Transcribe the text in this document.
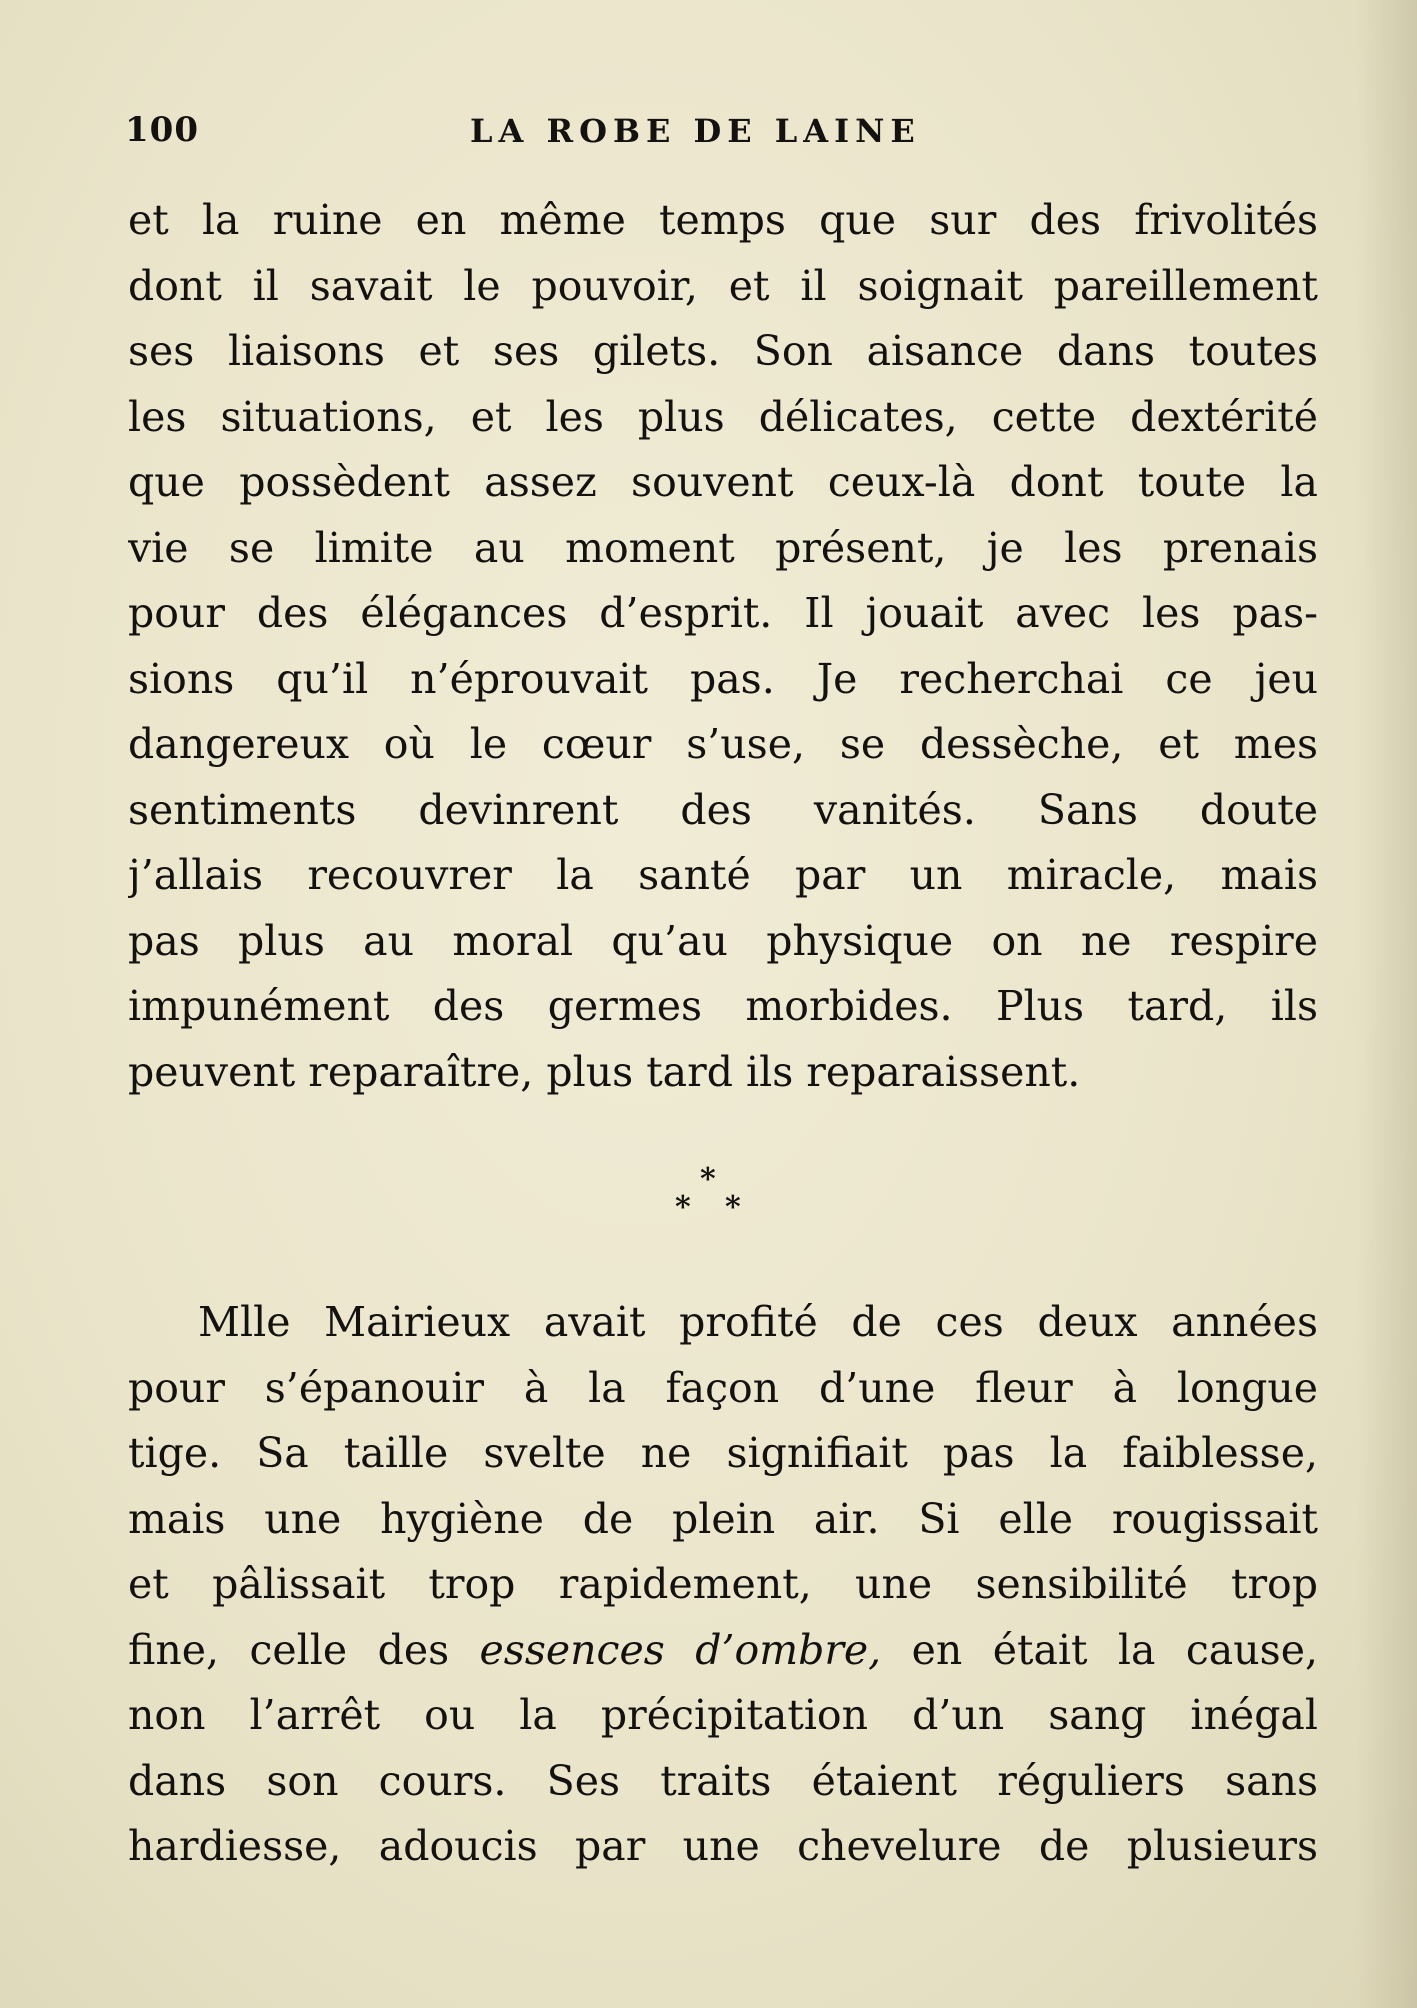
100	LA ROBE DE LAINE
et la ruine en même temps que sur des frivolités
dont il savait le pouvoir, et il soignait pareillement
ses liaisons et ses gilets. Son aisance dans toutes
les situations, et les plus délicates, cette dextérité
que possèdent assez souvent ceux-là dont toute la
vie se limite au moment présent, je les prenais
pour des élégances d’esprit. Il jouait avec les pas-
sions qu’il n’éprouvait pas. Je recherchai ce jeu
dangereux où le cœur s’use, se dessèche, et mes
sentiments devinrent des vanités. Sans doute
j’allais recouvrer la santé par un miracle, mais
pas plus au moral qu’au physique on ne respire
impunément des germes morbides. Plus tard, ils
peuvent reparaître, plus tard ils reparaissent.
*
* *
Mlle Mairieux avait profité de ces deux années
pour s’épanouir à la façon d’une fleur à longue
tige. Sa taille svelte ne signifiait pas la faiblesse,
mais une hygiène de plein air. Si elle rougissait
et pâlissait trop rapidement, une sensibilité trop
fine, celle des essences d’ombre, en était la cause,
non l’arrêt ou la précipitation d’un sang inégal
dans son cours. Ses traits étaient réguliers sans
hardiesse, adoucis par une chevelure de plusieurs
